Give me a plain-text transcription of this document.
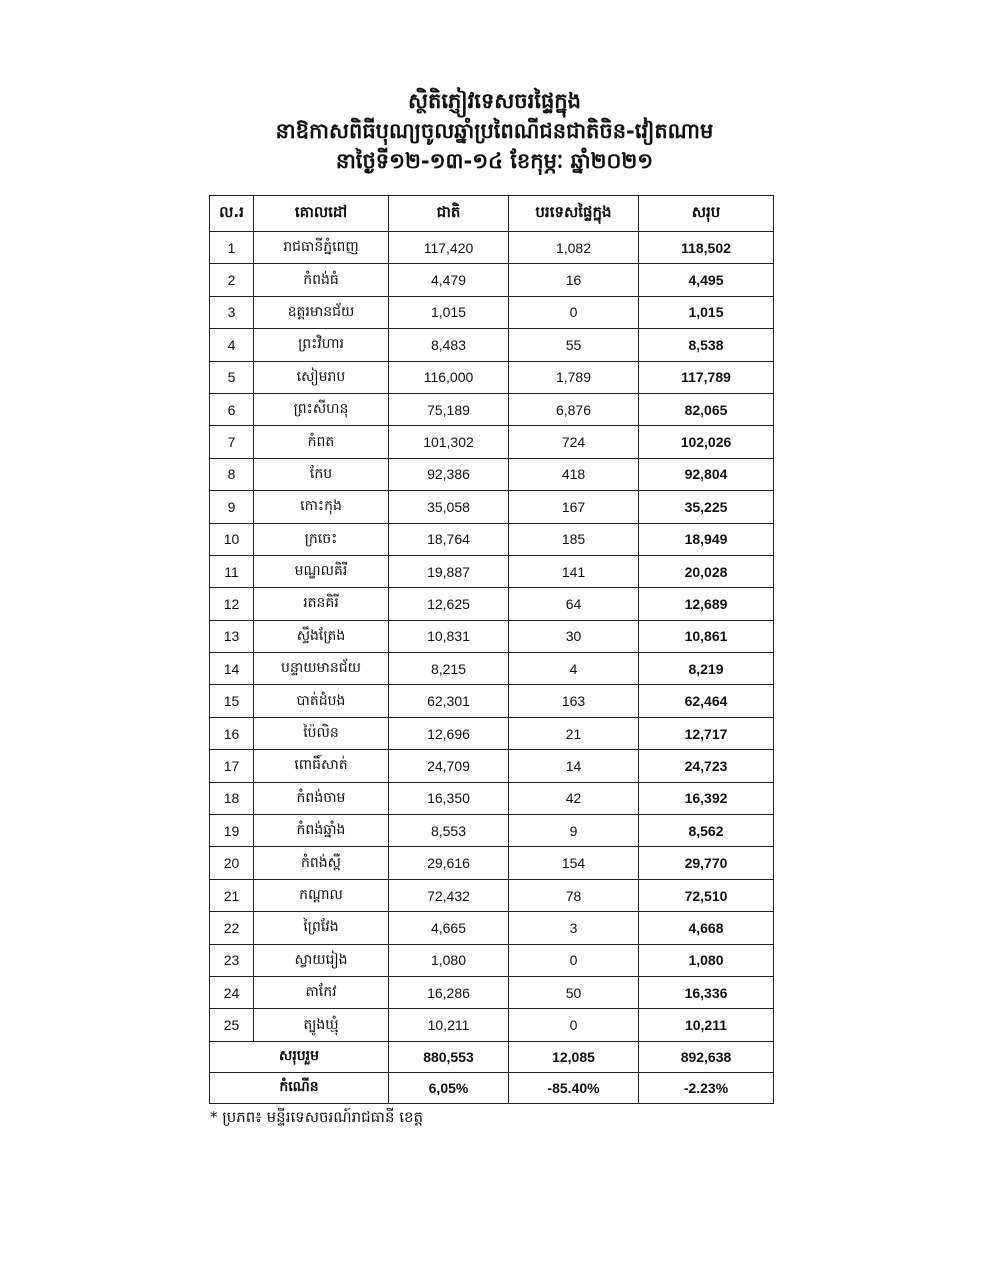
ស្ថិតិភ្ញៀវទេសចរផ្ទៃក្នុង
នាឱកាសពិធីបុណ្យចូលឆ្នាំប្រពៃណីជនជាតិចិន-វៀតណាម
នាថ្ងៃទី១២-១៣-១៤ ខែកុម្ភៈ ឆ្នាំ២០២១
ល.រ	គោលដៅ	ជាតិ	បរទេសផ្ទៃក្នុង	សរុប
1	រាជធានីភ្នំពេញ	117,420	1,082	118,502
2	កំពង់ធំ	4,479	16	4,495
3	ឧត្តរមានជ័យ	1,015	0	1,015
4	ព្រះវិហារ	8,483	55	8,538
5	សៀមរាប	116,000	1,789	117,789
6	ព្រះសីហនុ	75,189	6,876	82,065
7	កំពត	101,302	724	102,026
8	កែប	92,386	418	92,804
9	កោះកុង	35,058	167	35,225
10	ក្រចេះ	18,764	185	18,949
11	មណ្ឌលគិរី	19,887	141	20,028
12	រតនគិរី	12,625	64	12,689
13	ស្ទឹងត្រែង	10,831	30	10,861
14	បន្ទាយមានជ័យ	8,215	4	8,219
15	បាត់ដំបង	62,301	163	62,464
16	ប៉ៃលិន	12,696	21	12,717
17	ពោធិ៍សាត់	24,709	14	24,723
18	កំពង់ចាម	16,350	42	16,392
19	កំពង់ឆ្នាំង	8,553	9	8,562
20	កំពង់ស្ពឺ	29,616	154	29,770
21	កណ្តាល	72,432	78	72,510
22	ព្រៃវែង	4,665	3	4,668
23	ស្វាយរៀង	1,080	0	1,080
24	តាកែវ	16,286	50	16,336
25	ត្បូងឃ្មុំ	10,211	0	10,211
សរុបរួម		880,553	12,085	892,638
កំណើន		6,05%	-85.40%	-2.23%
* ប្រភព៖ មន្ទីរទេសចរណ៍រាជធានី ខេត្ត
